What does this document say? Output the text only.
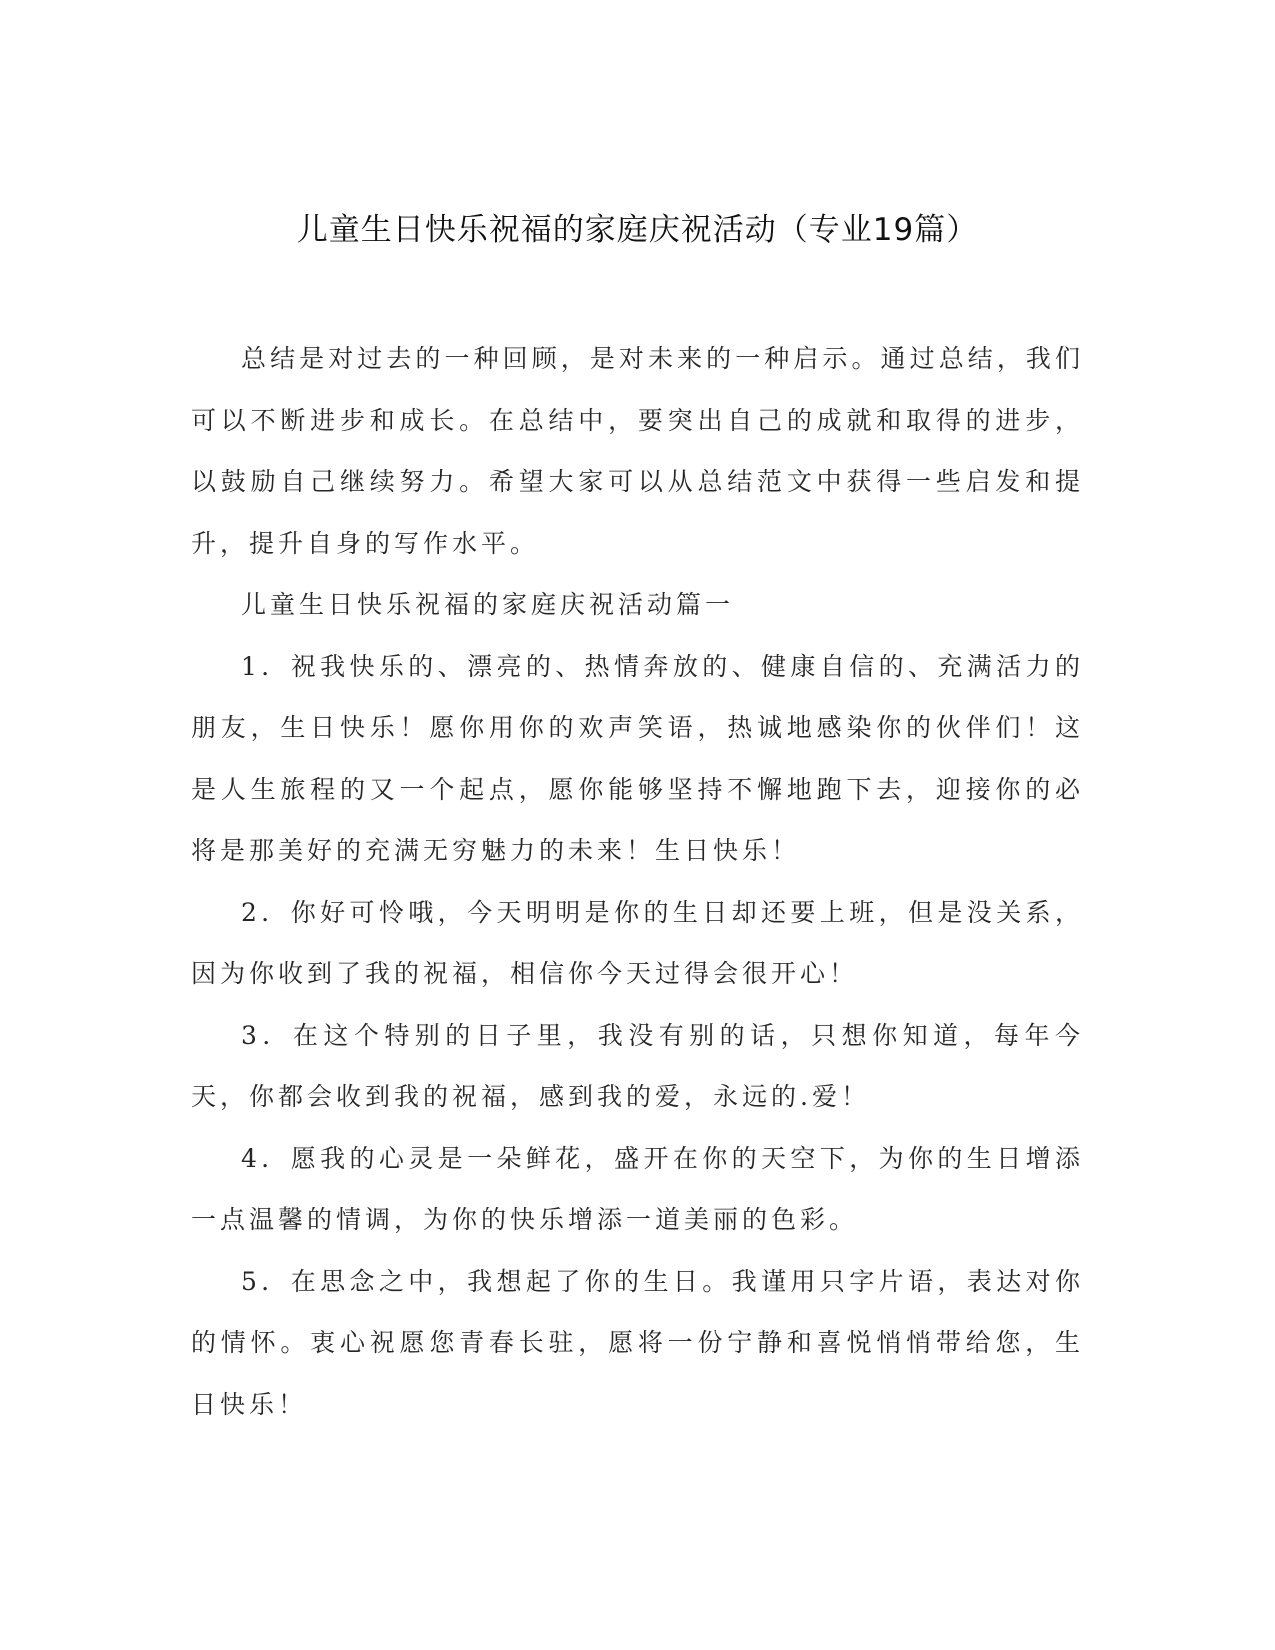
儿童生日快乐祝福的家庭庆祝活动（专业19篇）

总结是对过去的一种回顾，是对未来的一种启示。通过总结，我们可以不断进步和成长。在总结中，要突出自己的成就和取得的进步，以鼓励自己继续努力。希望大家可以从总结范文中获得一些启发和提升，提升自身的写作水平。

儿童生日快乐祝福的家庭庆祝活动篇一

1．祝我快乐的、漂亮的、热情奔放的、健康自信的、充满活力的朋友，生日快乐！愿你用你的欢声笑语，热诚地感染你的伙伴们！这是人生旅程的又一个起点，愿你能够坚持不懈地跑下去，迎接你的必将是那美好的充满无穷魅力的未来！生日快乐！

2．你好可怜哦，今天明明是你的生日却还要上班，但是没关系，因为你收到了我的祝福，相信你今天过得会很开心！

3．在这个特别的日子里，我没有别的话，只想你知道，每年今天，你都会收到我的祝福，感到我的爱，永远的.爱！

4．愿我的心灵是一朵鲜花，盛开在你的天空下，为你的生日增添一点温馨的情调，为你的快乐增添一道美丽的色彩。

5．在思念之中，我想起了你的生日。我谨用只字片语，表达对你的情怀。衷心祝愿您青春长驻，愿将一份宁静和喜悦悄悄带给您，生日快乐！
